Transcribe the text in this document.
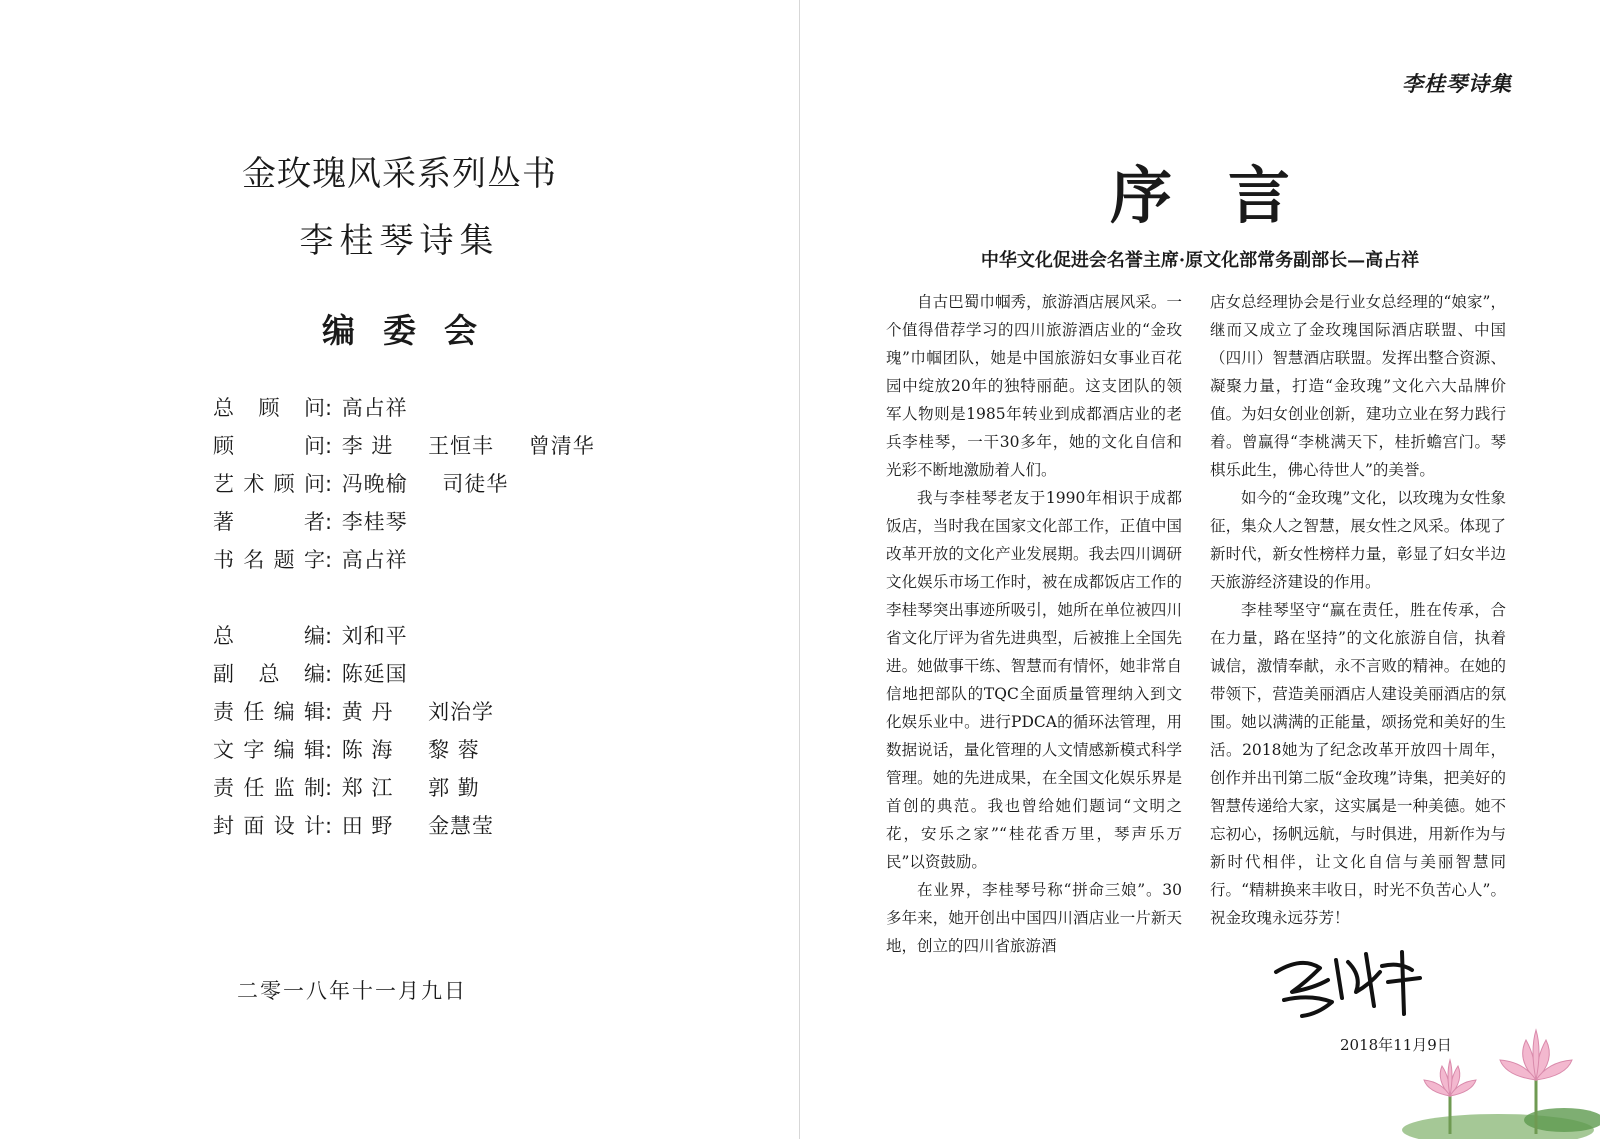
金玫瑰风采系列丛书
李桂琴诗集
编委会
总顾问: 高占祥
顾问: 李 进 王恒丰 曾清华
艺术顾问: 冯晚榆 司徒华
著者: 李桂琴
书名题字: 高占祥
总编: 刘和平
副总编: 陈延国
责任编辑: 黄 丹 刘治学
文字编辑: 陈 海 黎 蓉
责任监制: 郑 江 郭 勤
封面设计: 田 野 金慧莹
二零一八年十一月九日
李桂琴诗集
序言
中华文化促进会名誉主席·原文化部常务副部长—高占祥

自古巴蜀巾帼秀，旅游酒店展风采。一个值得借荐学习的四川旅游酒店业的“金玫瑰”巾帼团队，她是中国旅游妇女事业百花园中绽放20年的独特丽葩。这支团队的领军人物则是1985年转业到成都酒店业的老兵李桂琴，一干30多年，她的文化自信和光彩不断地激励着人们。

我与李桂琴老友于1990年相识于成都饭店，当时我在国家文化部工作，正值中国改革开放的文化产业发展期。我去四川调研文化娱乐市场工作时，被在成都饭店工作的李桂琴突出事迹所吸引，她所在单位被四川省文化厅评为省先进典型，后被推上全国先进。她做事干练、智慧而有情怀，她非常自信地把部队的TQC全面质量管理纳入到文化娱乐业中。进行PDCA的循环法管理，用数据说话，量化管理的人文情感新模式科学管理。她的先进成果，在全国文化娱乐界是首创的典范。我也曾给她们题词“文明之花，安乐之家”“桂花香万里，琴声乐万民”以资鼓励。

在业界，李桂琴号称“拼命三娘”。30多年来，她开创出中国四川酒店业一片新天地，创立的四川省旅游酒

店女总经理协会是行业女总经理的“娘家”，继而又成立了金玫瑰国际酒店联盟、中国（四川）智慧酒店联盟。发挥出整合资源、凝聚力量，打造“金玫瑰”文化六大品牌价值。为妇女创业创新，建功立业在努力践行着。曾赢得“李桃满天下，桂折蟾宫门。琴棋乐此生，佛心待世人”的美誉。

如今的“金玫瑰”文化，以玫瑰为女性象征，集众人之智慧，展女性之风采。体现了新时代，新女性榜样力量，彰显了妇女半边天旅游经济建设的作用。

李桂琴坚守“赢在责任，胜在传承，合在力量，路在坚持”的文化旅游自信，执着诚信，激情奉献，永不言败的精神。在她的带领下，营造美丽酒店人建设美丽酒店的氛围。她以满满的正能量，颂扬党和美好的生活。2018她为了纪念改革开放四十周年，创作并出刊第二版“金玫瑰”诗集，把美好的智慧传递给大家，这实属是一种美德。她不忘初心，扬帆远航，与时俱进，用新作为与新时代相伴，让文化自信与美丽智慧同行。“精耕换来丰收日，时光不负苦心人”。祝金玫瑰永远芬芳！

2018年11月9日
